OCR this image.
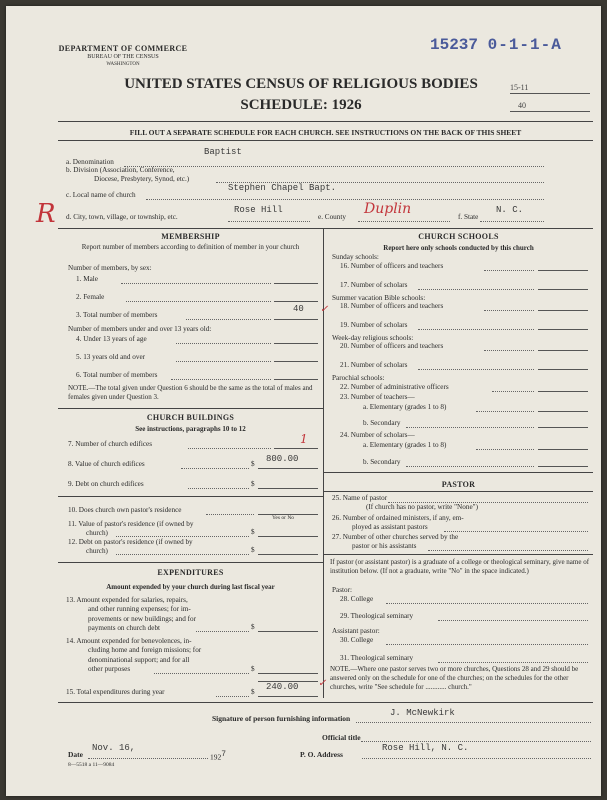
DEPARTMENT OF COMMERCE
BUREAU OF THE CENSUS
WASHINGTON
15237 0-1-1-A
15-11
40
UNITED STATES CENSUS OF RELIGIOUS BODIES
SCHEDULE: 1926
FILL OUT A SEPARATE SCHEDULE FOR EACH CHURCH. SEE INSTRUCTIONS ON THE BACK OF THIS SHEET
a. Denomination
Baptist
b. Division (Association, Conference,
Diocese, Presbytery, Synod, etc.)
c. Local name of church
Stephen Chapel Bapt.
R d. City, town, village, or township, etc.
Rose Hill
e. County Duplin	f. State
N. C.
MEMBERSHIP
Report number of members according to definition of member in your church
Number of members, by sex:
1. Male
2. Female
3. Total number of members
40 ✓
Number of members under and over 13 years old:
4. Under 13 years of age
5. 13 years old and over
6. Total number of members
NOTE.—The total given under Question 6 should be the same as the total of males and females given under Question 3.
CHURCH BUILDINGS
See instructions, paragraphs 10 to 12
7. Number of church edifices	1
8. Value of church edifices	$ 800.00
9. Debt on church edifices	$
10. Does church own pastor's residence
Yes or No
11. Value of pastor's residence (if owned by
church)	$
12. Debt on pastor's residence (if owned by
church)	$
EXPENDITURES
Amount expended by your church during last fiscal year
13. Amount expended for salaries, repairs,
and other running expenses; for im-
provements or new buildings; and for
payments on church debt	$
14. Amount expended for benevolences, in-
cluding home and foreign missions; for
denominational support; and for all
other purposes	$
15. Total expenditures during year	$ 240.00 ✓
CHURCH SCHOOLS
Report here only schools conducted by this church
Sunday schools:
16. Number of officers and teachers
17. Number of scholars
Summer vacation Bible schools:
18. Number of officers and teachers
19. Number of scholars
Week-day religious schools:
20. Number of officers and teachers
21. Number of scholars
Parochial schools:
22. Number of administrative officers
23. Number of teachers—
a. Elementary (grades 1 to 8)
b. Secondary
24. Number of scholars—
a. Elementary (grades 1 to 8)
b. Secondary
PASTOR
25. Name of pastor
(If church has no pastor, write "None")
26. Number of ordained ministers, if any, em-
ployed as assistant pastors
27. Number of other churches served by the
pastor or his assistants
If pastor (or assistant pastor) is a graduate of a college or theological seminary, give name of institution below. (If not a graduate, write "No" in the space indicated.)
Pastor:
28. College
29. Theological seminary
Assistant pastor:
30. College
31. Theological seminary
NOTE.—Where one pastor serves two or more churches, Questions 28 and 29 should be answered only on the schedule for one of the churches; on the schedules for the other churches, write "See schedule for ............ church."
Signature of person furnishing information
J. McNewkirk
Official title
Date
Nov. 16,
$192^7$	P. O. Address
Rose Hill, N. C.
8—5518 a 11—9084
